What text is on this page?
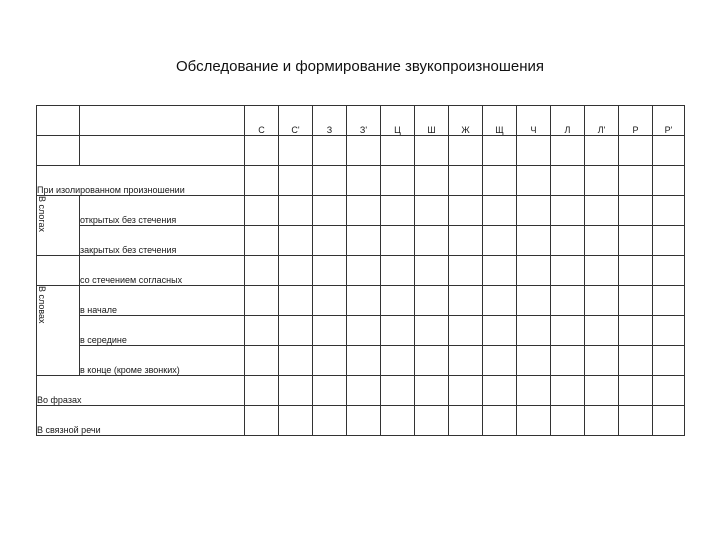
Обследование и формирование звукопроизношения
		С	С'	З	З'	Ц	Ш	Ж	Щ	Ч	Л	Л'	Р	Р'

При изолированном произношении														
В слогах	открытых без стечения													
	закрытых без стечения													
	со стечением согласных													
В словах	в начале													
	в середине													
	в конце (кроме звонких)													
Во фразах														
В связной речи														
